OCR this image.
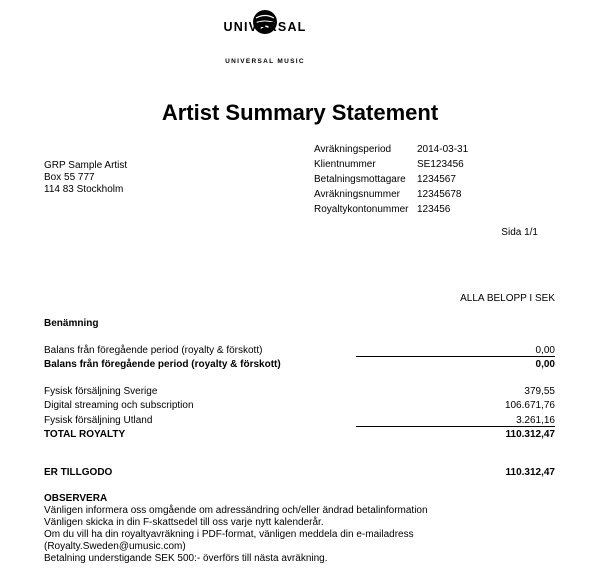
UNIVERSAL
UNIVERSAL MUSIC
Artist Summary Statement
GRP Sample Artist
Box 55 777
114 83 Stockholm
Avräkningsperiod	2014-03-31
Klientnummer	SE123456
Betalningsmottagare	1234567
Avräkningsnummer	12345678
Royaltykontonummer 123456
Sida 1/1
ALLA BELOPP I SEK
Benämning
Balans från föregående period (royalty & förskott)	0,00
Balans från föregående period (royalty & förskott)	0,00
Fysisk försäljning Sverige	379,55
Digital streaming och subscription	106.671,76
Fysisk försäljning Utland	3.261,16
TOTAL ROYALTY	110.312,47
ER TILLGODO	110.312,47
OBSERVERA
Vänligen informera oss omgående om adressändring och/eller ändrad betalinformation
Vänligen skicka in din F-skattsedel till oss varje nytt kalenderår.
Om du vill ha din royaltyavräkning i PDF-format, vänligen meddela din e-mailadress
(Royalty.Sweden@umusic.com)
Betalning understigande SEK 500:- överförs till nästa avräkning.
